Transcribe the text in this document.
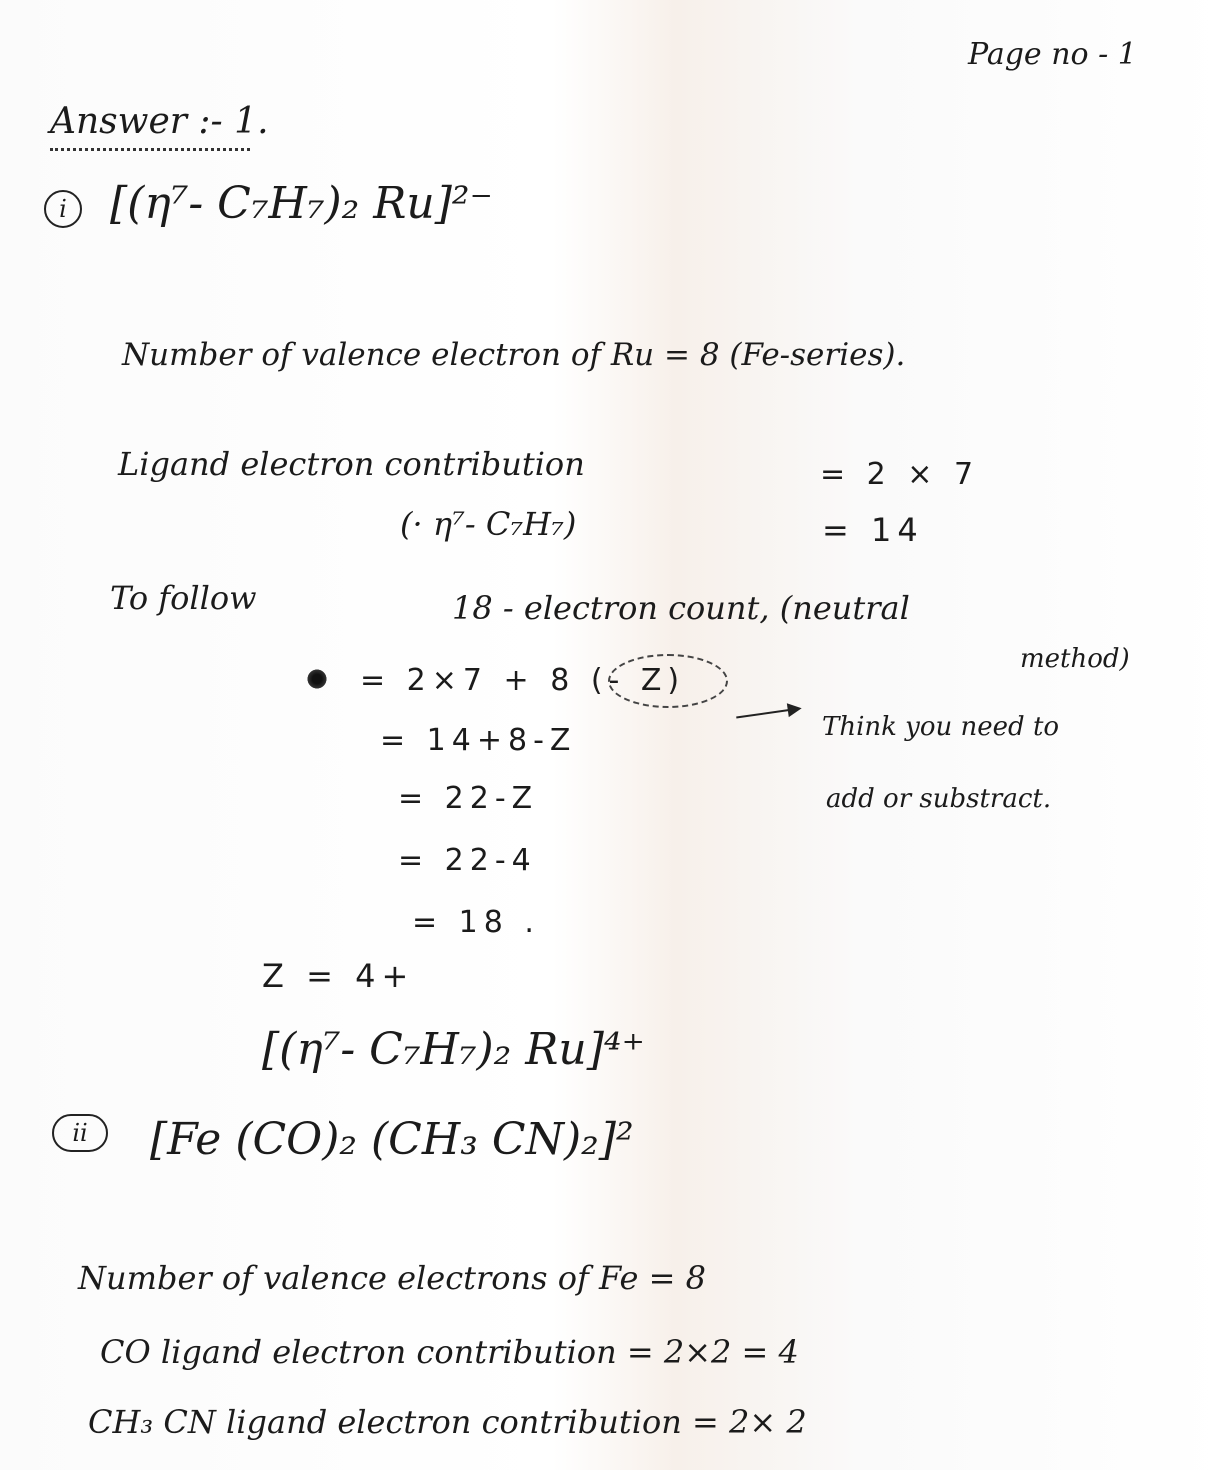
Page no - 1
Answer :- 1.
i [(η⁷- C₇H₇)₂ Ru]²⁻
Number of valence electron of Ru = 8 (Fe-series).
Ligand electron contribution	= 2 × 7
(· η⁷- C₇H₇)	= 14
To follow	18 - electron count, (neutral
method)
= 2×7 + 8 (- Z)
Think you need to
add or substract.
= 14+8-Z
= 22-Z
= 22-4
= 18 .
Z = 4+
[(η⁷- C₇H₇)₂ Ru]⁴⁺
ii	[Fe (CO)₂ (CH₃ CN)₂]²
Number of valence electrons of Fe = 8
CO ligand electron contribution = 2×2 = 4
CH₃ CN ligand electron contribution = 2× 2
